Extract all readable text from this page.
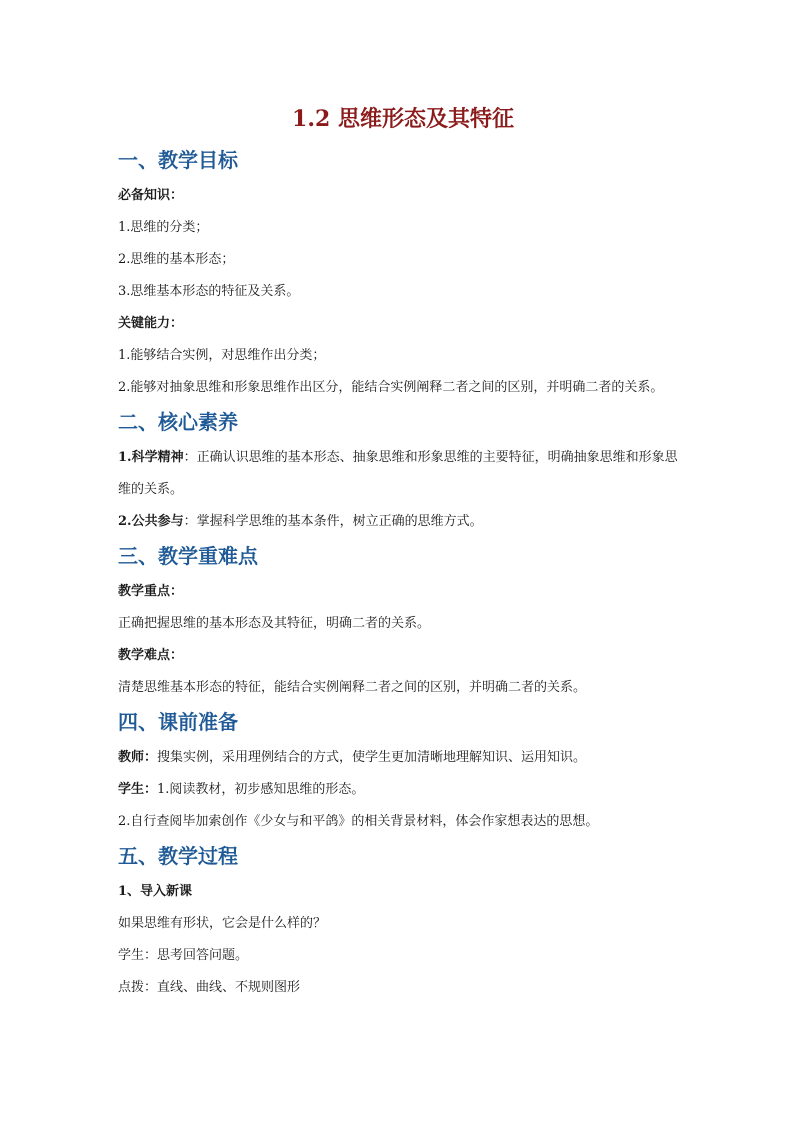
1.2 思维形态及其特征
一、教学目标

必备知识：

1.思维的分类；

2.思维的基本形态；

3.思维基本形态的特征及关系。

关键能力：

1.能够结合实例，对思维作出分类；

2.能够对抽象思维和形象思维作出区分，能结合实例阐释二者之间的区别，并明确二者的关系。

二、核心素养

1.科学精神：正确认识思维的基本形态、抽象思维和形象思维的主要特征，明确抽象思维和形象思维的关系。

2.公共参与：掌握科学思维的基本条件，树立正确的思维方式。

三、教学重难点

教学重点：

正确把握思维的基本形态及其特征，明确二者的关系。

教学难点：

清楚思维基本形态的特征，能结合实例阐释二者之间的区别，并明确二者的关系。

四、课前准备

教师：搜集实例，采用理例结合的方式，使学生更加清晰地理解知识、运用知识。

学生：1.阅读教材，初步感知思维的形态。

2.自行查阅毕加索创作《少女与和平鸽》的相关背景材料，体会作家想表达的思想。

五、教学过程

1、导入新课

如果思维有形状，它会是什么样的？

学生：思考回答问题。

点拨：直线、曲线、不规则图形
